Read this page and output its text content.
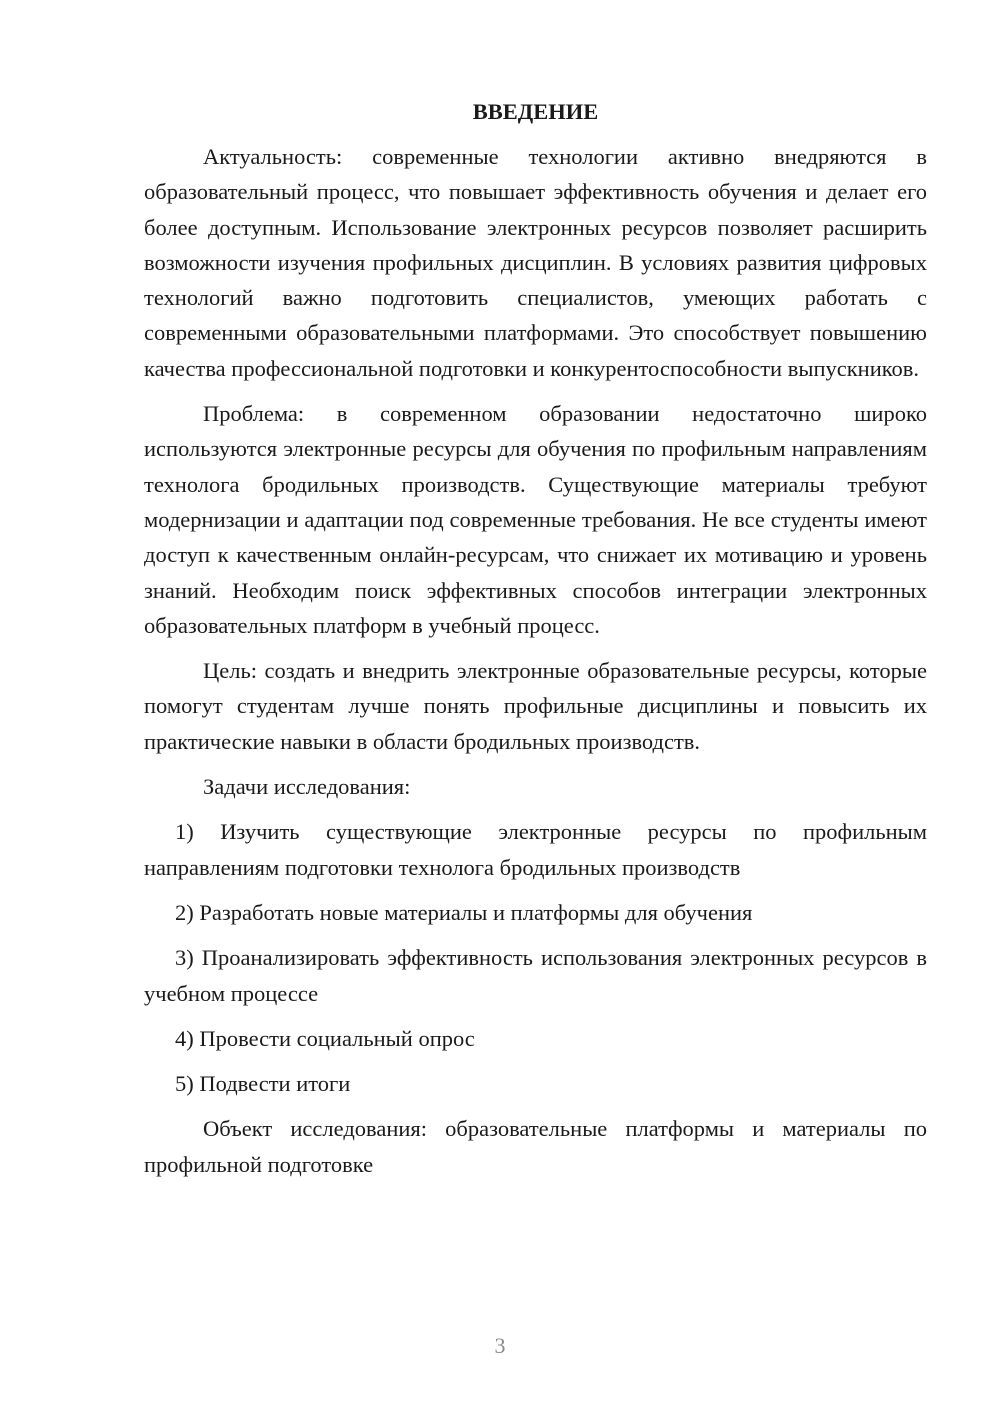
ВВЕДЕНИЕ

Актуальность: современные технологии активно внедряются в образовательный процесс, что повышает эффективность обучения и делает его более доступным. Использование электронных ресурсов позволяет расширить возможности изучения профильных дисциплин. В условиях развития цифровых технологий важно подготовить специалистов, умеющих работать с современными образовательными платформами. Это способствует повышению качества профессиональной подготовки и конкурентоспособности выпускников.

Проблема: в современном образовании недостаточно широко используются электронные ресурсы для обучения по профильным направлениям технолога бродильных производств. Существующие материалы требуют модернизации и адаптации под современные требования. Не все студенты имеют доступ к качественным онлайн-ресурсам, что снижает их мотивацию и уровень знаний. Необходим поиск эффективных способов интеграции электронных образовательных платформ в учебный процесс.

Цель: создать и внедрить электронные образовательные ресурсы, которые помогут студентам лучше понять профильные дисциплины и повысить их практические навыки в области бродильных производств.

Задачи исследования:

1) Изучить существующие электронные ресурсы по профильным направлениям подготовки технолога бродильных производств

2) Разработать новые материалы и платформы для обучения

3) Проанализировать эффективность использования электронных ресурсов в учебном процессе

4) Провести социальный опрос

5) Подвести итоги

Объект исследования: образовательные платформы и материалы по профильной подготовке

3
